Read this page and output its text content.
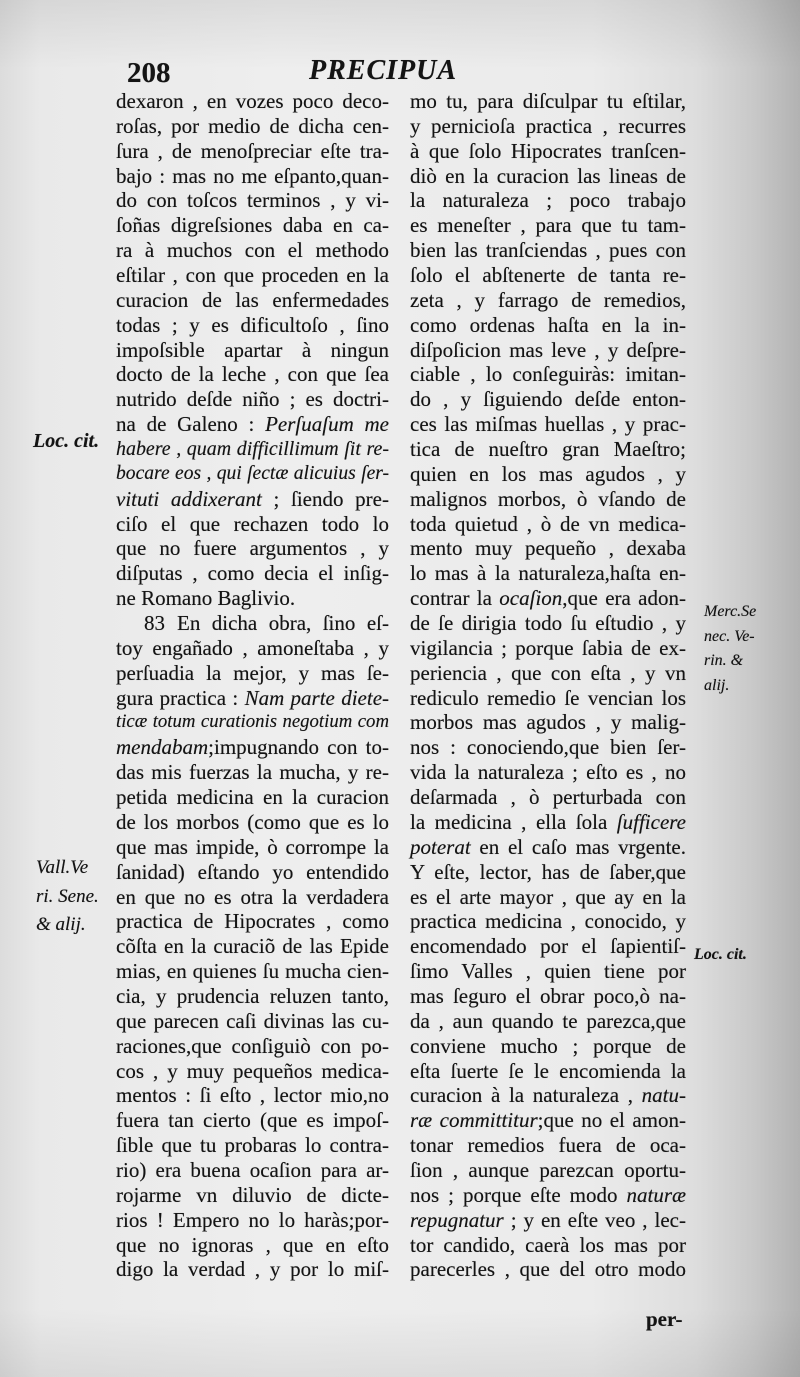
208	PRECIPUA
dexaron , en vozes poco deco-
roſas, por medio de dicha cen-
ſura , de menoſpreciar eſte tra-
bajo : mas no me eſpanto,quan-
do con toſcos terminos , y vi-
ſoñas digreſsiones daba en ca-
ra à muchos con el methodo
eſtilar , con que proceden en la
curacion de las enfermedades
todas ; y es dificultoſo , ſino
impoſsible apartar à ningun
docto de la leche , con que ſea
nutrido deſde niño ; es doctri-
na de Galeno : Perſuaſum me
habere , quam difficillimum ſit re-
bocare eos , qui ſectæ alicuius ſer-
vituti addixerant ; ſiendo pre-
ciſo el que rechazen todo lo
que no fuere argumentos , y
diſputas , como decia el inſig-
ne Romano Baglivio.
83 En dicha obra, ſino eſ-
toy engañado , amoneſtaba , y
perſuadia la mejor, y mas ſe-
gura practica : Nam parte diete-
ticæ totum curationis negotium com
mendabam;impugnando con to-
das mis fuerzas la mucha, y re-
petida medicina en la curacion
de los morbos (como que es lo
que mas impide, ò corrompe la
ſanidad) eſtando yo entendido
en que no es otra la verdadera
practica de Hipocrates , como
cõſta en la curaciõ de las Epide
mias, en quienes ſu mucha cien-
cia, y prudencia reluzen tanto,
que parecen caſi divinas las cu-
raciones,que conſiguiò con po-
cos , y muy pequeños medica-
mentos : ſi eſto , lector mio,no
fuera tan cierto (que es impoſ-
ſible que tu probaras lo contra-
rio) era buena ocaſion para ar-
rojarme vn diluvio de dicte-
rios ! Empero no lo haràs;por-
que no ignoras , que en eſto
digo la verdad , y por lo miſ-
mo tu, para diſculpar tu eſtilar,
y pernicioſa practica , recurres
à que ſolo Hipocrates tranſcen-
diò en la curacion las lineas de
la naturaleza ; poco trabajo
es meneſter , para que tu tam-
bien las tranſciendas , pues con
ſolo el abſtenerte de tanta re-
zeta , y farrago de remedios,
como ordenas haſta en la in-
diſpoſicion mas leve , y deſpre-
ciable , lo conſeguiràs: imitan-
do , y ſiguiendo deſde enton-
ces las miſmas huellas , y prac-
tica de nueſtro gran Maeſtro;
quien en los mas agudos , y
malignos morbos, ò vſando de
toda quietud , ò de vn medica-
mento muy pequeño , dexaba
lo mas à la naturaleza,haſta en-
contrar la ocaſion,que era adon-
de ſe dirigia todo ſu eſtudio , y
vigilancia ; porque ſabia de ex-
periencia , que con eſta , y vn
rediculo remedio ſe vencian los
morbos mas agudos , y malig-
nos : conociendo,que bien ſer-
vida la naturaleza ; eſto es , no
deſarmada , ò perturbada con
la medicina , ella ſola ſufficere
poterat en el caſo mas vrgente.
Y eſte, lector, has de ſaber,que
es el arte mayor , que ay en la
practica medicina , conocido, y
encomendado por el ſapientiſ-
ſimo Valles , quien tiene por
mas ſeguro el obrar poco,ò na-
da , aun quando te parezca,que
conviene mucho ; porque de
eſta ſuerte ſe le encomienda la
curacion à la naturaleza , natu-
ræ committitur;que no el amon-
tonar remedios fuera de oca-
ſion , aunque parezcan oportu-
nos ; porque eſte modo naturæ
repugnatur ; y en eſte veo , lec-
tor candido, caerà los mas por
parecerles , que del otro modo
Loc. cit.
Vall.Ve
ri. Sene.
& alij.
Merc.Se
nec. Ve-
rin. &
alij.
Loc. cit.
per-
